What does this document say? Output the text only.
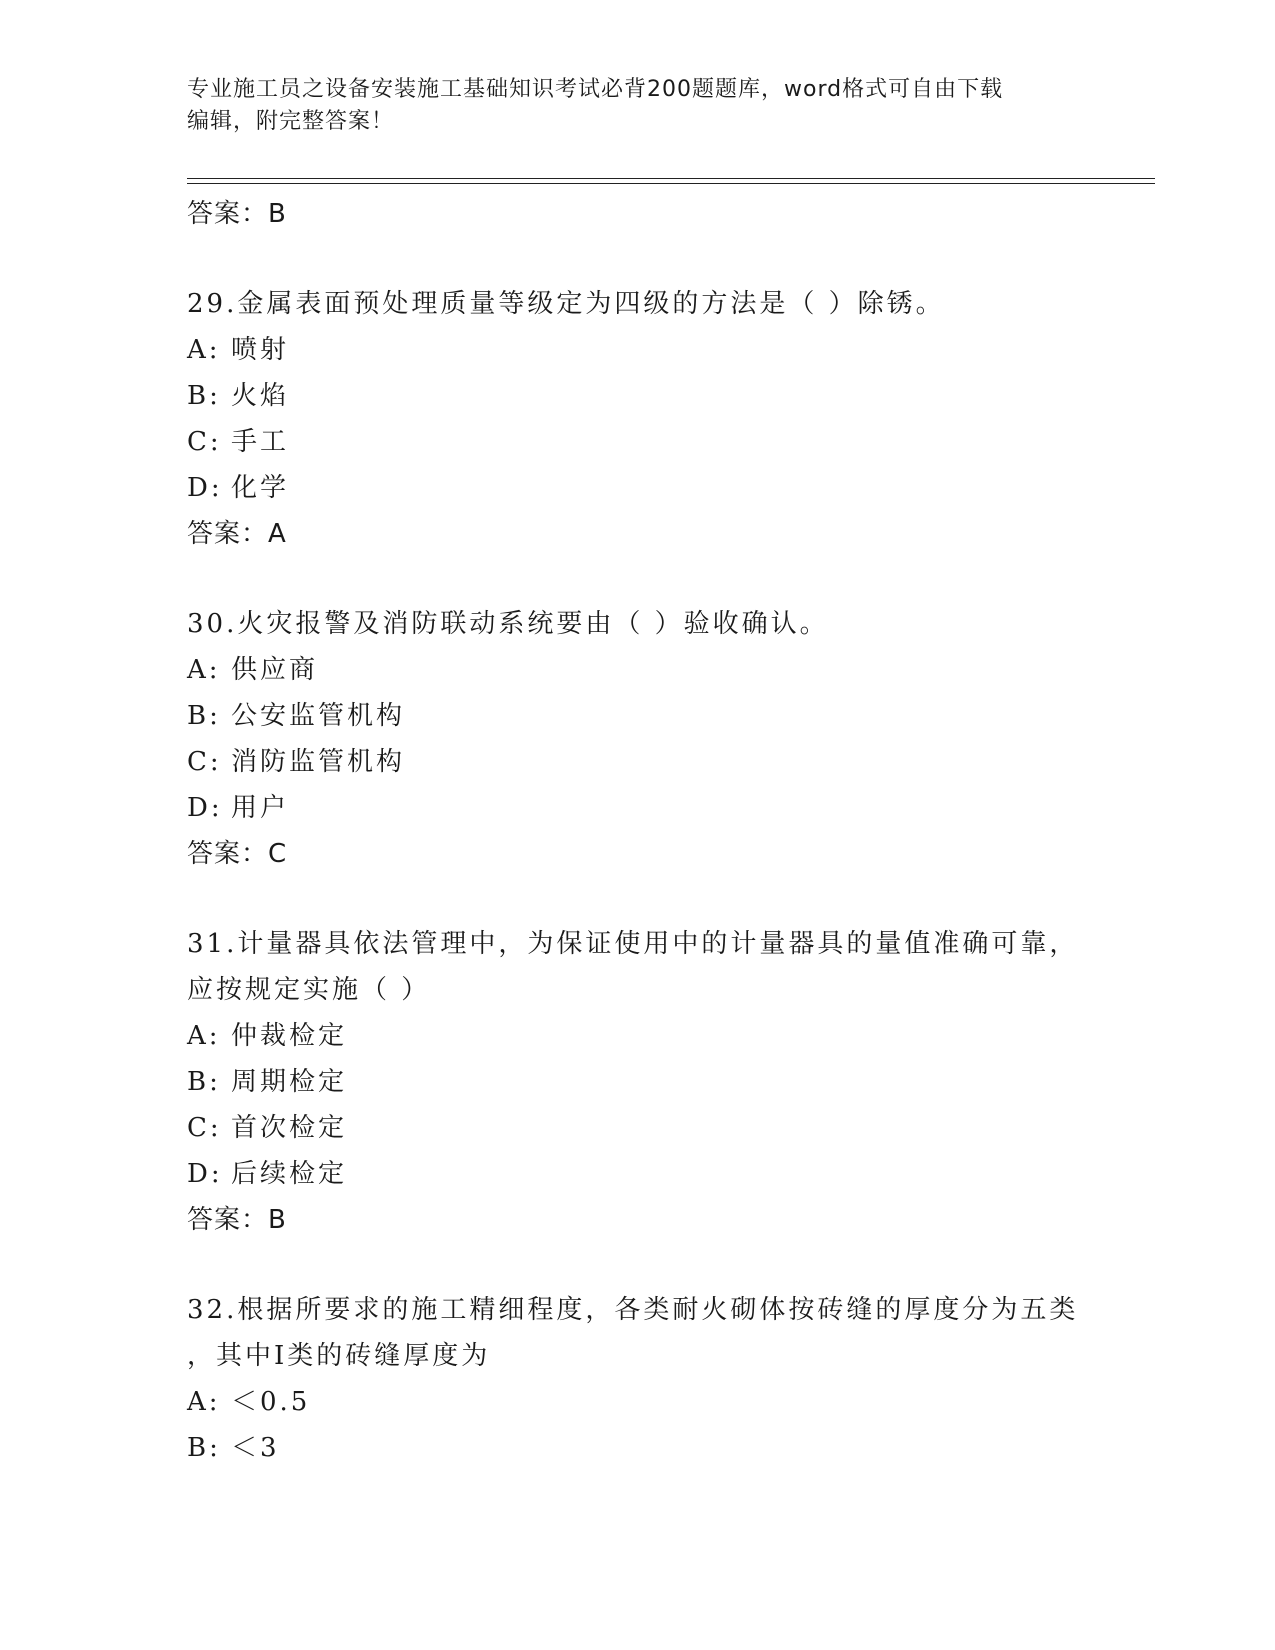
专业施工员之设备安装施工基础知识考试必背200题题库，word格式可自由下载
编辑，附完整答案！
答案：B
29.金属表面预处理质量等级定为四级的方法是（ ）除锈。
A: 喷射
B: 火焰
C: 手工
D: 化学
答案：A
30.火灾报警及消防联动系统要由（ ）验收确认。
A: 供应商
B: 公安监管机构
C: 消防监管机构
D: 用户
答案：C
31.计量器具依法管理中，为保证使用中的计量器具的量值准确可靠，
应按规定实施（ ）
A: 仲裁检定
B: 周期检定
C: 首次检定
D: 后续检定
答案：B
32.根据所要求的施工精细程度，各类耐火砌体按砖缝的厚度分为五类
，其中Ⅰ类的砖缝厚度为
A: ＜0.5
B: ＜3
